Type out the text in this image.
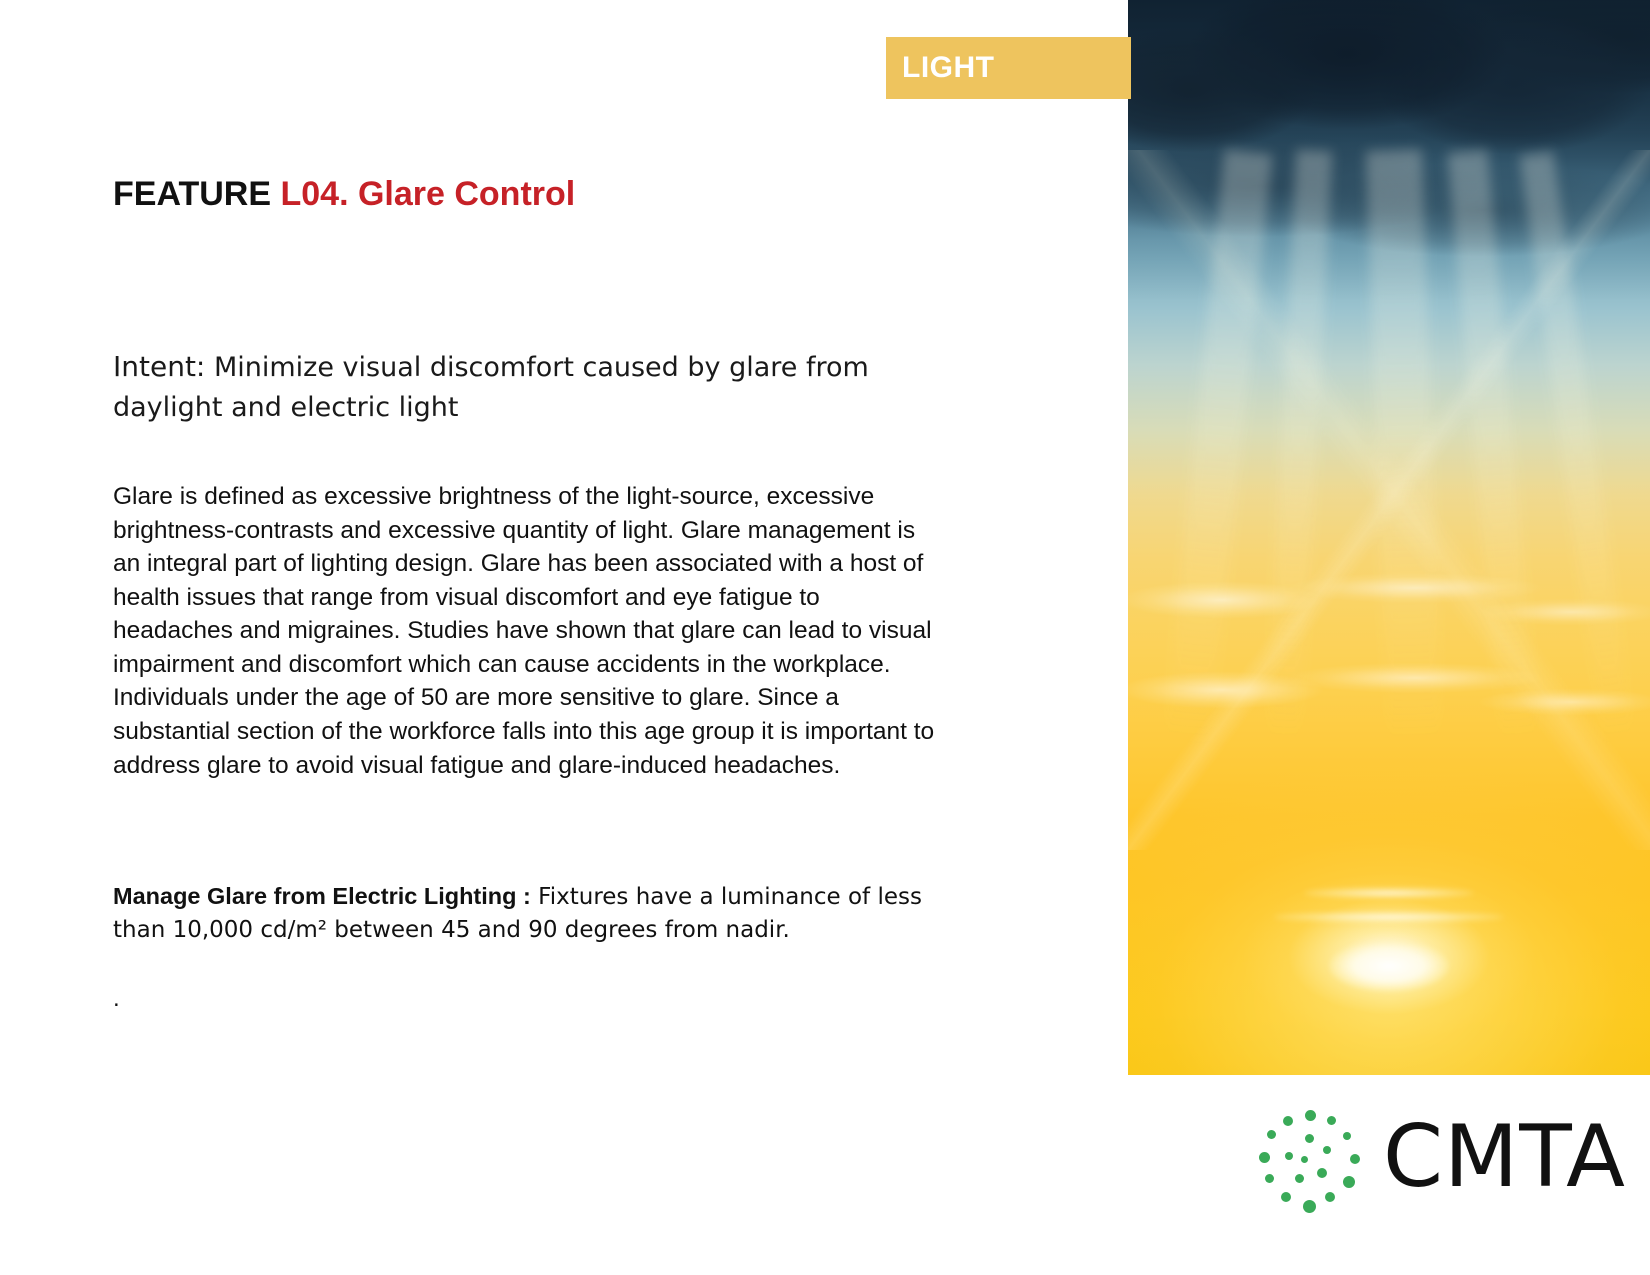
LIGHT
FEATURE L04. Glare Control
Intent: Minimize visual discomfort caused by glare from daylight and electric light
Glare is defined as excessive brightness of the light-source, excessive brightness-contrasts and excessive quantity of light. Glare management is an integral part of lighting design. Glare has been associated with a host of health issues that range from visual discomfort and eye fatigue to headaches and migraines. Studies have shown that glare can lead to visual impairment and discomfort which can cause accidents in the workplace. Individuals under the age of 50 are more sensitive to glare. Since a substantial section of the workforce falls into this age group it is important to address glare to avoid visual fatigue and glare-induced headaches.
Manage Glare from Electric Lighting : Fixtures have a luminance of less than 10,000 cd/m² between 45 and 90 degrees from nadir.
.
CMTA
